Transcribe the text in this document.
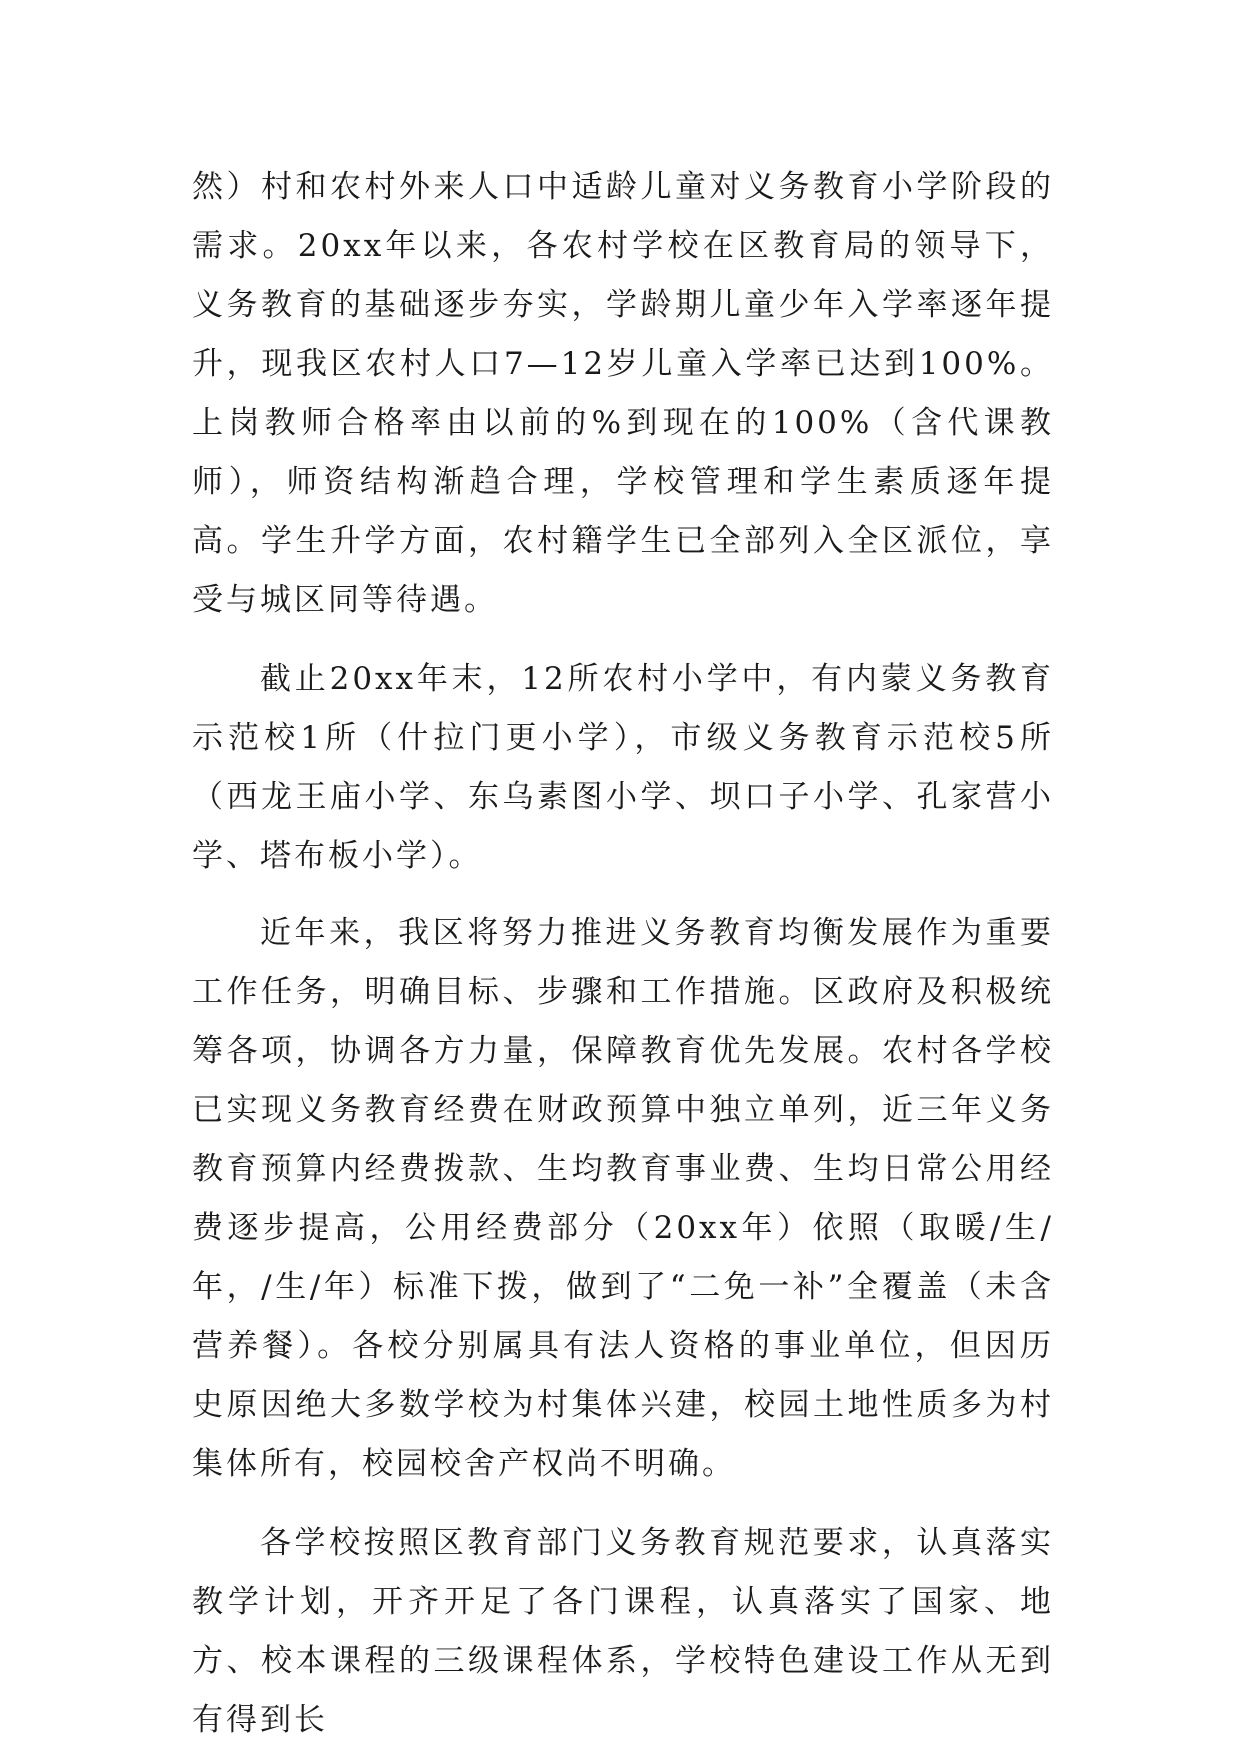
然）村和农村外来人口中适龄儿童对义务教育小学阶段的需求。20xx年以来，各农村学校在区教育局的领导下，义务教育的基础逐步夯实，学龄期儿童少年入学率逐年提升，现我区农村人口7—12岁儿童入学率已达到100%。上岗教师合格率由以前的%到现在的100%（含代课教师），师资结构渐趋合理，学校管理和学生素质逐年提高。学生升学方面，农村籍学生已全部列入全区派位，享受与城区同等待遇。

截止20xx年末，12所农村小学中，有内蒙义务教育示范校1所（什拉门更小学），市级义务教育示范校5所（西龙王庙小学、东乌素图小学、坝口子小学、孔家营小学、塔布板小学）。

近年来，我区将努力推进义务教育均衡发展作为重要工作任务，明确目标、步骤和工作措施。区政府及积极统筹各项，协调各方力量，保障教育优先发展。农村各学校已实现义务教育经费在财政预算中独立单列，近三年义务教育预算内经费拨款、生均教育事业费、生均日常公用经费逐步提高，公用经费部分（20xx年）依照（取暖/生/年，/生/年）标准下拨，做到了“二免一补”全覆盖（未含营养餐）。各校分别属具有法人资格的事业单位，但因历史原因绝大多数学校为村集体兴建，校园土地性质多为村集体所有，校园校舍产权尚不明确。

各学校按照区教育部门义务教育规范要求，认真落实教学计划，开齐开足了各门课程，认真落实了国家、地方、校本课程的三级课程体系，学校特色建设工作从无到有得到长
